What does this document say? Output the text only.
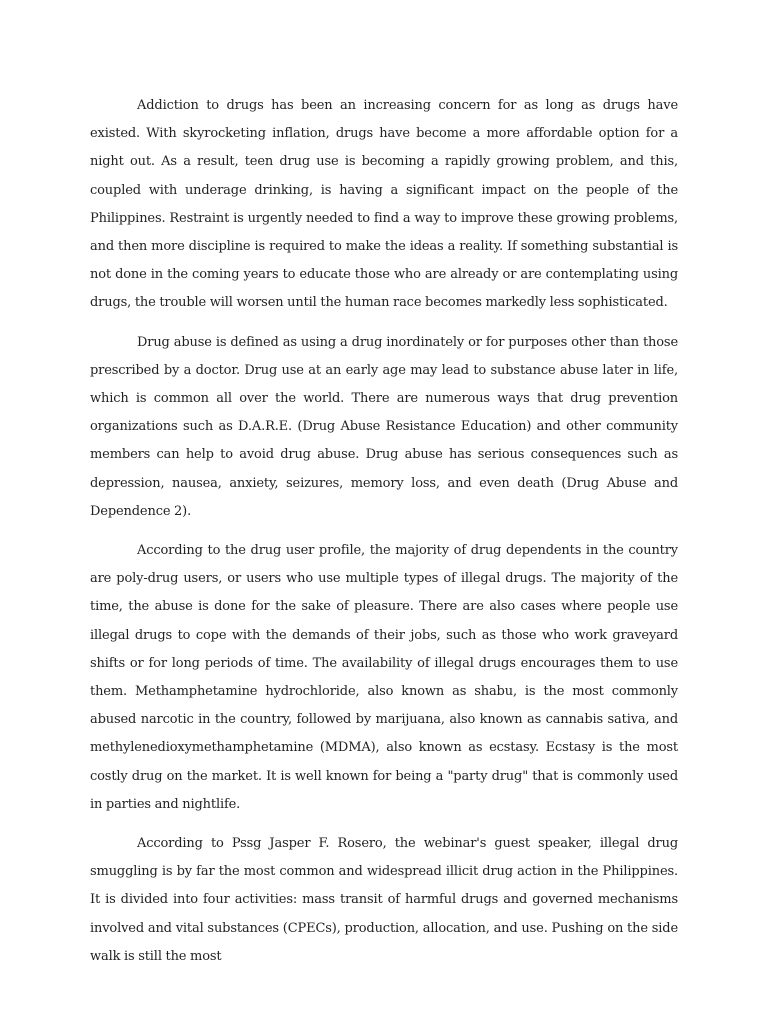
Addiction to drugs has been an increasing concern for as long as drugs have existed. With skyrocketing inflation, drugs have become a more affordable option for a night out. As a result, teen drug use is becoming a rapidly growing problem, and this, coupled with underage drinking, is having a significant impact on the people of the Philippines. Restraint is urgently needed to find a way to improve these growing problems, and then more discipline is required to make the ideas a reality. If something substantial is not done in the coming years to educate those who are already or are contemplating using drugs, the trouble will worsen until the human race becomes markedly less sophisticated.

Drug abuse is defined as using a drug inordinately or for purposes other than those prescribed by a doctor. Drug use at an early age may lead to substance abuse later in life, which is common all over the world. There are numerous ways that drug prevention organizations such as D.A.R.E. (Drug Abuse Resistance Education) and other community members can help to avoid drug abuse. Drug abuse has serious consequences such as depression, nausea, anxiety, seizures, memory loss, and even death (Drug Abuse and Dependence 2).

According to the drug user profile, the majority of drug dependents in the country are poly-drug users, or users who use multiple types of illegal drugs. The majority of the time, the abuse is done for the sake of pleasure. There are also cases where people use illegal drugs to cope with the demands of their jobs, such as those who work graveyard shifts or for long periods of time. The availability of illegal drugs encourages them to use them. Methamphetamine hydrochloride, also known as shabu, is the most commonly abused narcotic in the country, followed by marijuana, also known as cannabis sativa, and methylenedioxymethamphetamine (MDMA), also known as ecstasy. Ecstasy is the most costly drug on the market. It is well known for being a "party drug" that is commonly used in parties and nightlife.

According to Pssg Jasper F. Rosero, the webinar's guest speaker, illegal drug smuggling is by far the most common and widespread illicit drug action in the Philippines. It is divided into four activities: mass transit of harmful drugs and governed mechanisms involved and vital substances (CPECs), production, allocation, and use. Pushing on the side walk is still the most
